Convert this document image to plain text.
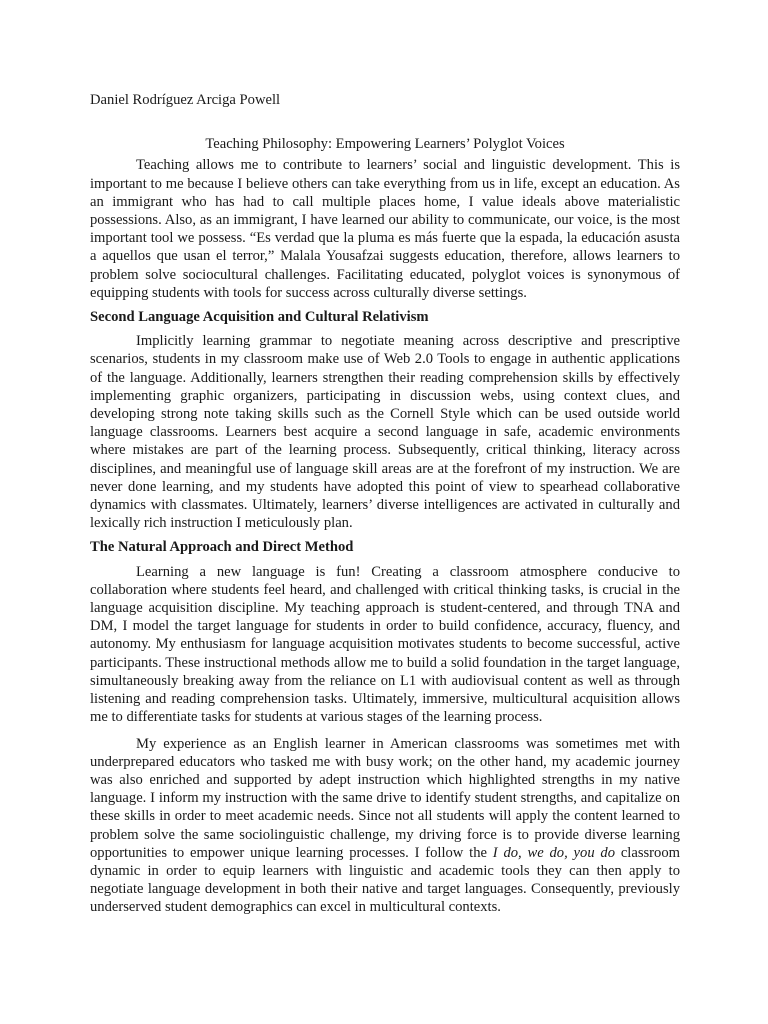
Daniel Rodríguez Arciga Powell
Teaching Philosophy: Empowering Learners’ Polyglot Voices

Teaching allows me to contribute to learners’ social and linguistic development. This is important to me because I believe others can take everything from us in life, except an education. As an immigrant who has had to call multiple places home, I value ideals above materialistic possessions. Also, as an immigrant, I have learned our ability to communicate, our voice, is the most important tool we possess. “Es verdad que la pluma es más fuerte que la espada, la educación asusta a aquellos que usan el terror,” Malala Yousafzai suggests education, therefore, allows learners to problem solve sociocultural challenges. Facilitating educated, polyglot voices is synonymous of equipping students with tools for success across culturally diverse settings.

Second Language Acquisition and Cultural Relativism

Implicitly learning grammar to negotiate meaning across descriptive and prescriptive scenarios, students in my classroom make use of Web 2.0 Tools to engage in authentic applications of the language. Additionally, learners strengthen their reading comprehension skills by effectively implementing graphic organizers, participating in discussion webs, using context clues, and developing strong note taking skills such as the Cornell Style which can be used outside world language classrooms. Learners best acquire a second language in safe, academic environments where mistakes are part of the learning process. Subsequently, critical thinking, literacy across disciplines, and meaningful use of language skill areas are at the forefront of my instruction. We are never done learning, and my students have adopted this point of view to spearhead collaborative dynamics with classmates. Ultimately, learners’ diverse intelligences are activated in culturally and lexically rich instruction I meticulously plan.

The Natural Approach and Direct Method

Learning a new language is fun! Creating a classroom atmosphere conducive to collaboration where students feel heard, and challenged with critical thinking tasks, is crucial in the language acquisition discipline. My teaching approach is student-centered, and through TNA and DM, I model the target language for students in order to build confidence, accuracy, fluency, and autonomy. My enthusiasm for language acquisition motivates students to become successful, active participants. These instructional methods allow me to build a solid foundation in the target language, simultaneously breaking away from the reliance on L1 with audiovisual content as well as through listening and reading comprehension tasks. Ultimately, immersive, multicultural acquisition allows me to differentiate tasks for students at various stages of the learning process.

My experience as an English learner in American classrooms was sometimes met with underprepared educators who tasked me with busy work; on the other hand, my academic journey was also enriched and supported by adept instruction which highlighted strengths in my native language. I inform my instruction with the same drive to identify student strengths, and capitalize on these skills in order to meet academic needs. Since not all students will apply the content learned to problem solve the same sociolinguistic challenge, my driving force is to provide diverse learning opportunities to empower unique learning processes. I follow the I do, we do, you do classroom dynamic in order to equip learners with linguistic and academic tools they can then apply to negotiate language development in both their native and target languages. Consequently, previously underserved student demographics can excel in multicultural contexts.
